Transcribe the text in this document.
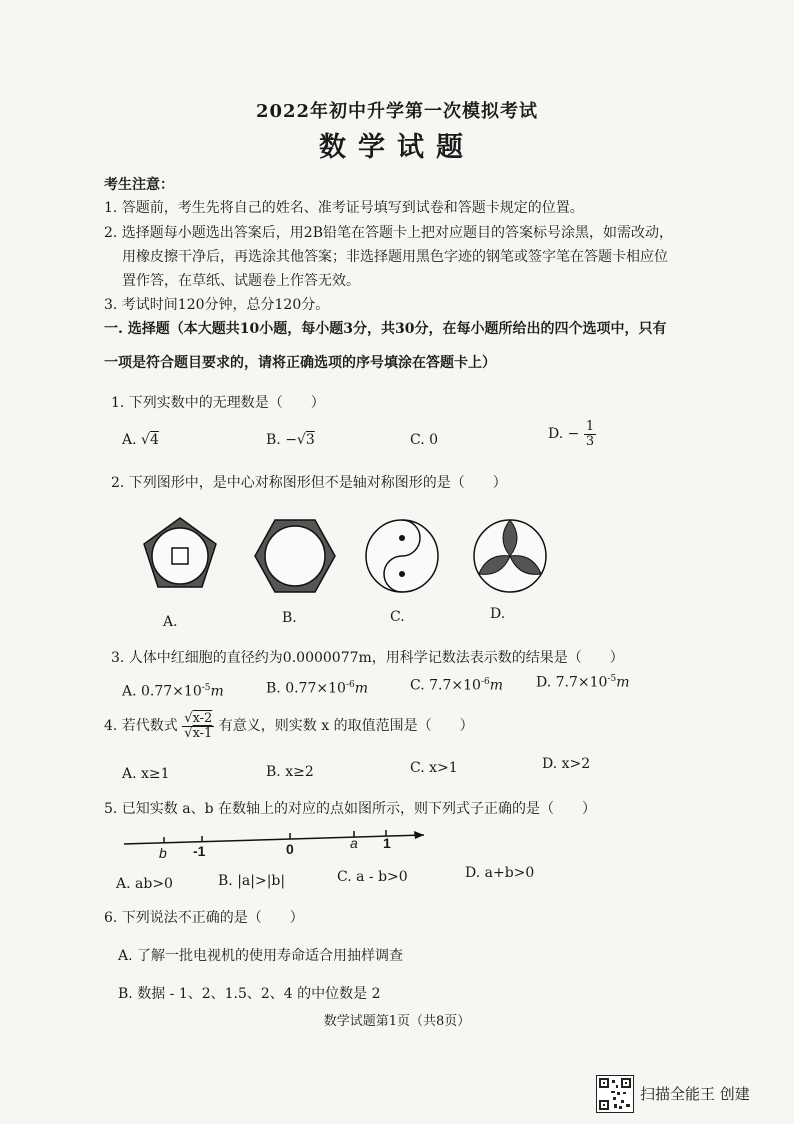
2022年初中升学第一次模拟考试
数学试题
考生注意：
1. 答题前，考生先将自己的姓名、准考证号填写到试卷和答题卡规定的位置。
2. 选择题每小题选出答案后，用2B铅笔在答题卡上把对应题目的答案标号涂黑，如需改动，
用橡皮擦干净后，再选涂其他答案；非选择题用黑色字迹的钢笔或签字笔在答题卡相应位
置作答，在草纸、试题卷上作答无效。
3. 考试时间120分钟，总分120分。
一. 选择题（本大题共10小题，每小题3分，共30分，在每小题所给出的四个选项中，只有
一项是符合题目要求的，请将正确选项的序号填涂在答题卡上）
1. 下列实数中的无理数是（　　）
A. √4	B. −√3	C. 0	D. − $\frac{1}{3}$
2. 下列图形中，是中心对称图形但不是轴对称图形的是（　　）
A.	B.	C.	D.
3. 人体中红细胞的直径约为0.0000077m，用科学记数法表示数的结果是（　　）
A. $0.77\times 10^{-5}m$	B. $0.77\times 10^{-6}m$	C. $7.7\times 10^{-6}m$ D. $7.7\times 10^{-5}m$
4. 若代数式 $\frac{√x-2}{√x-1}$ 有意义，则实数 x 的取值范围是（　　）
A. x≥1	B. x≥2	C. x>1	D. x>2
5. 已知实数 a、b 在数轴上的对应的点如图所示，则下列式子正确的是（　　）
b -1	0	a 1
A. ab>0	B. |a|>|b|	C. a - b>0	D. a+b>0
6. 下列说法不正确的是（　　）
A. 了解一批电视机的使用寿命适合用抽样调查
B. 数据 - 1、2、1.5、2、4 的中位数是 2
数学试题第1页（共8页）
扫描全能王 创建
